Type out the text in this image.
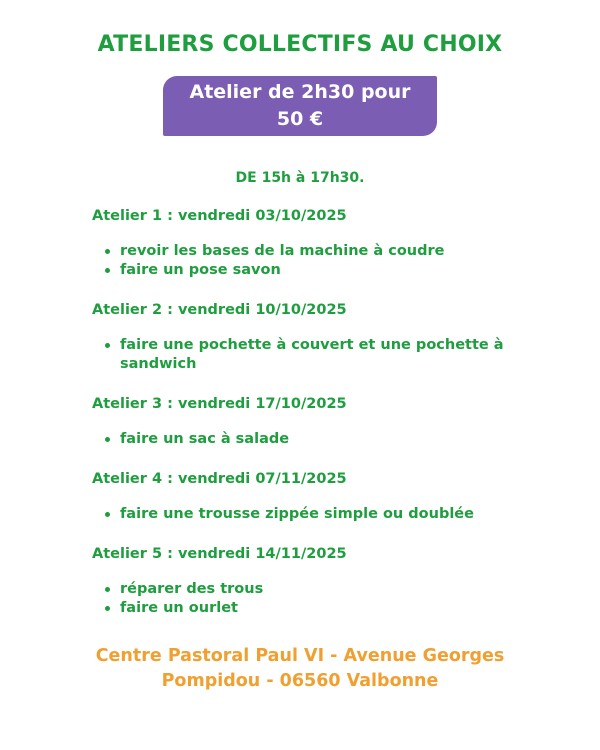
ATELIERS COLLECTIFS AU CHOIX
Atelier de 2h30 pour
50 €
DE 15h à 17h30.
Atelier 1 : vendredi 03/10/2025
revoir les bases de la machine à coudre
faire un pose savon
Atelier 2 : vendredi 10/10/2025
faire une pochette à couvert et une pochette à sandwich
Atelier 3 : vendredi 17/10/2025
faire un sac à salade
Atelier 4 : vendredi 07/11/2025
faire une trousse zippée simple ou doublée
Atelier 5 : vendredi 14/11/2025
réparer des trous
faire un ourlet
Centre Pastoral Paul VI - Avenue Georges
Pompidou - 06560 Valbonne
